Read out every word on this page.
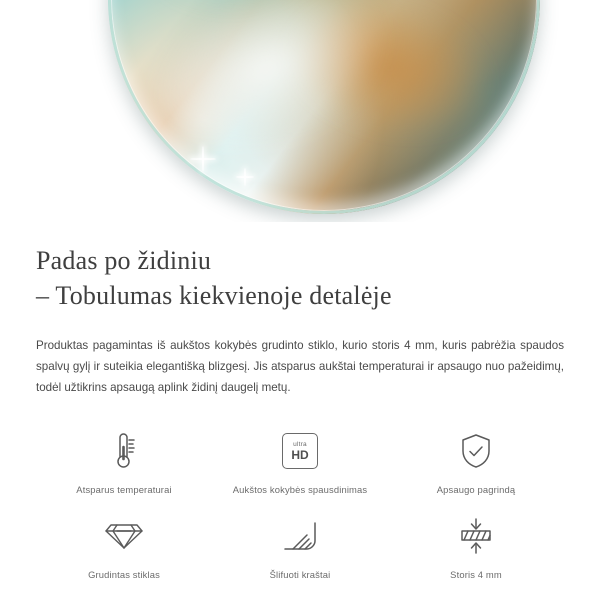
Padas po židiniu
– Tobulumas kiekvienoje detalėje

Produktas pagamintas iš aukštos kokybės grudinto stiklo, kurio storis 4 mm, kuris pabrėžia spaudos spalvų gylį ir suteikia elegantišką blizgesį. Jis atsparus aukštai temperaturai ir apsaugo nuo pažeidimų, todėl užtikrins apsaugą aplink židinį daugelį metų.

Atsparus temperaturai
ultra
HD
Aukštos kokybės spausdinimas	Apsaugo pagrindą
Grudintas stiklas	Šlifuoti kraštai	Storis 4 mm
